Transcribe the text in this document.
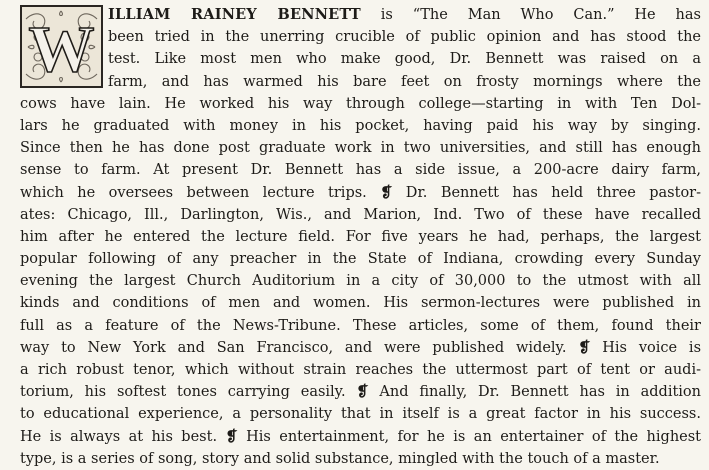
W ILLIAM RAINEY BENNETT is “The Man Who Can.” He has
been tried in the unerring crucible of public opinion and has stood the
test. Like most men who make good, Dr. Bennett was raised on a
farm, and has warmed his bare feet on frosty mornings where the
cows have lain. He worked his way through college—starting in with Ten Dol-
lars he graduated with money in his pocket, having paid his way by singing.
Since then he has done post graduate work in two universities, and still has enough
sense to farm. At present Dr. Bennett has a side issue, a 200-acre dairy farm,
which he oversees between lecture trips. ❡ Dr. Bennett has held three pastor-
ates: Chicago, Ill., Darlington, Wis., and Marion, Ind. Two of these have recalled
him after he entered the lecture field. For five years he had, perhaps, the largest
popular following of any preacher in the State of Indiana, crowding every Sunday
evening the largest Church Auditorium in a city of 30,000 to the utmost with all
kinds and conditions of men and women. His sermon-lectures were published in
full as a feature of the News-Tribune. These articles, some of them, found their
way to New York and San Francisco, and were published widely. ❡ His voice is
a rich robust tenor, which without strain reaches the uttermost part of tent or audi-
torium, his softest tones carrying easily. ❡ And finally, Dr. Bennett has in addition
to educational experience, a personality that in itself is a great factor in his success.
He is always at his best. ❡ His entertainment, for he is an entertainer of the highest
type, is a series of song, story and solid substance, mingled with the touch of a master.
